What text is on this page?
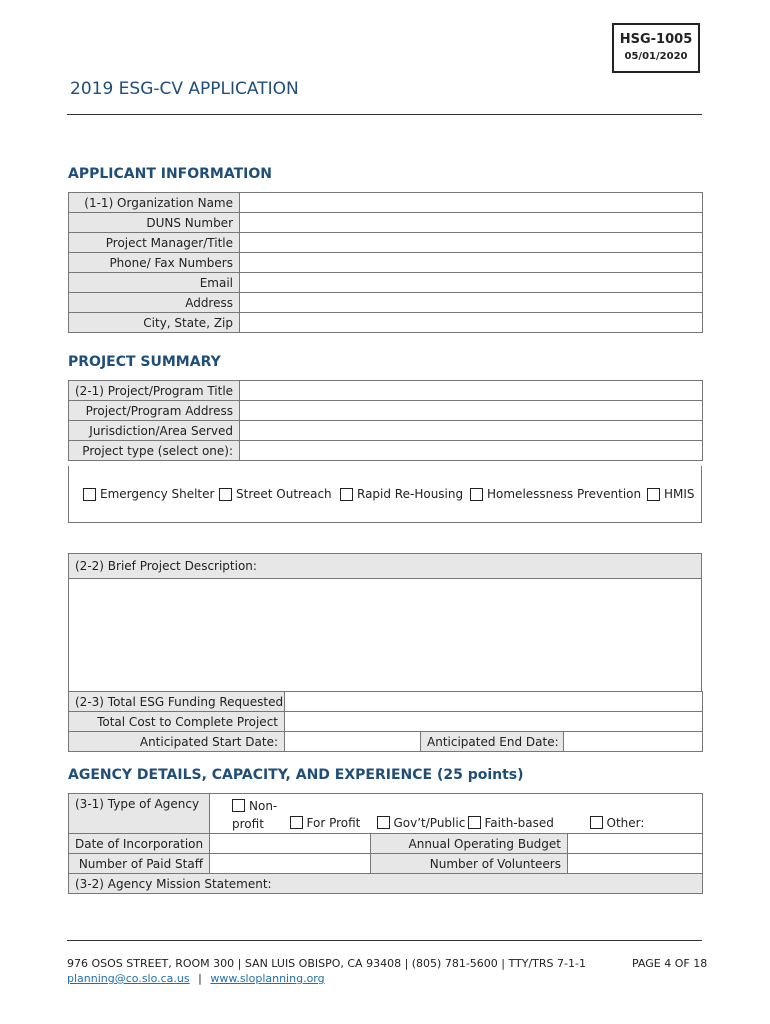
HSG-1005
05/01/2020
2019 ESG-CV APPLICATION
APPLICANT INFORMATION
(1-1) Organization Name	
DUNS Number	
Project Manager/Title	
Phone/ Fax Numbers	
Email	
Address	
City, State, Zip	
PROJECT SUMMARY
(2-1) Project/Program Title	
Project/Program Address	
Jurisdiction/Area Served	
Project type (select one):	
Emergency Shelter Street Outreach Rapid Re-Housing Homelessness Prevention HMIS
(2-2) Brief Project Description:
(2-3) Total ESG Funding Requested			
Total Cost to Complete Project			
Anticipated Start Date:		Anticipated End Date:	
AGENCY DETAILS, CAPACITY, AND EXPERIENCE (25 points)
(3-1) Type of Agency	Non-profit	For Profit	Gov’t/Public	Faith-based	Other:
Date of Incorporation			Annual Operating Budget		
Number of Paid Staff			Number of Volunteers		
(3-2) Agency Mission Statement:					
976 OSOS STREET, ROOM 300 | SAN LUIS OBISPO, CA 93408 | (805) 781-5600 | TTY/TRS 7-1-1
planning@co.slo.ca.us | www.sloplanning.org
PAGE 4 OF 18
